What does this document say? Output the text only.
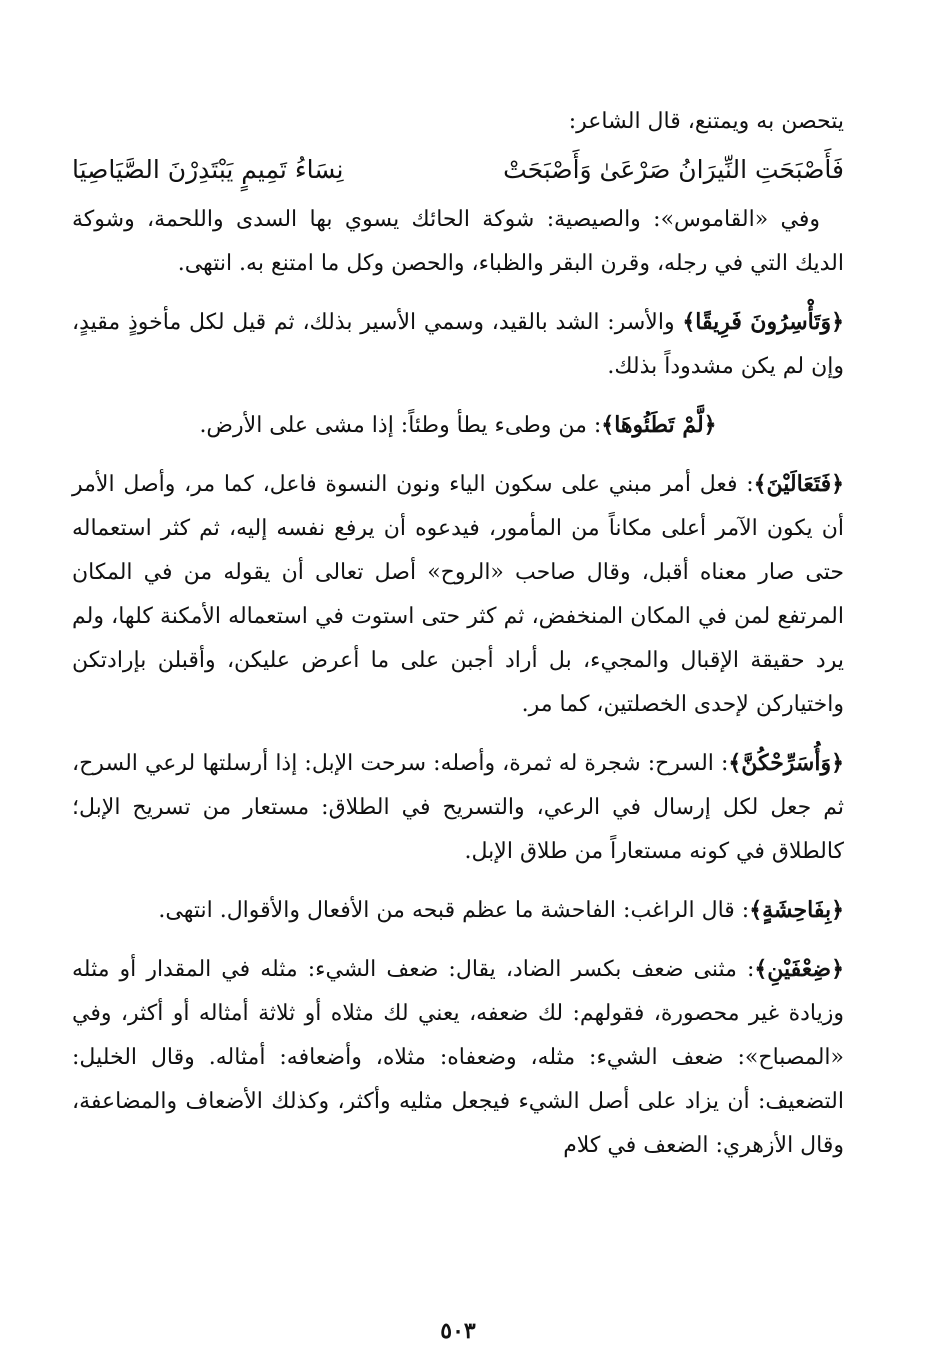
يتحصن به ويمتنع، قال الشاعر:

فَأَصْبَحَتِ النِّيرَانُ صَرْعَىٰ وَأَصْبَحَتْ
نِسَاءُ تَمِيمٍ يَبْتَدِرْنَ الصَّيَاصِيَا

وفي «القاموس»: والصيصية: شوكة الحائك يسوي بها السدى واللحمة، وشوكة الديك التي في رجله، وقرن البقر والظباء، والحصن وكل ما امتنع به. انتهى.

﴿وَتَأْسِرُونَ فَرِيقًا﴾ والأسر: الشد بالقيد، وسمي الأسير بذلك، ثم قيل لكل مأخوذٍ مقيدٍ، وإن لم يكن مشدوداً بذلك.

﴿لَّمْ تَطَئُوهَا﴾: من وطىء يطأ وطئاً: إذا مشى على الأرض.

﴿فَتَعَالَيْنَ﴾: فعل أمر مبني على سكون الياء ونون النسوة فاعل، كما مر، وأصل الأمر أن يكون الآمر أعلى مكاناً من المأمور، فيدعوه أن يرفع نفسه إليه، ثم كثر استعماله حتى صار معناه أقبل، وقال صاحب «الروح» أصل تعالى أن يقوله من في المكان المرتفع لمن في المكان المنخفض، ثم كثر حتى استوت في استعماله الأمكنة كلها، ولم يرد حقيقة الإقبال والمجيء، بل أراد أجبن على ما أعرض عليكن، وأقبلن بإرادتكن واختياركن لإحدى الخصلتين، كما مر.

﴿وَأُسَرِّحْكُنَّ﴾: السرح: شجرة له ثمرة، وأصله: سرحت الإبل: إذا أرسلتها لرعي السرح، ثم جعل لكل إرسال في الرعي، والتسريح في الطلاق: مستعار من تسريح الإبل؛ كالطلاق في كونه مستعاراً من طلاق الإبل.

﴿بِفَاحِشَةٍ﴾: قال الراغب: الفاحشة ما عظم قبحه من الأفعال والأقوال. انتهى.

﴿ضِعْفَيْنِ﴾: مثنى ضعف بكسر الضاد، يقال: ضعف الشيء: مثله في المقدار أو مثله وزيادة غير محصورة، فقولهم: لك ضعفه، يعني لك مثلاه أو ثلاثة أمثاله أو أكثر، وفي «المصباح»: ضعف الشيء: مثله، وضعفاه: مثلاه، وأضعافه: أمثاله. وقال الخليل: التضعيف: أن يزاد على أصل الشيء فيجعل مثليه وأكثر، وكذلك الأضعاف والمضاعفة، وقال الأزهري: الضعف في كلام

٥٠٣
